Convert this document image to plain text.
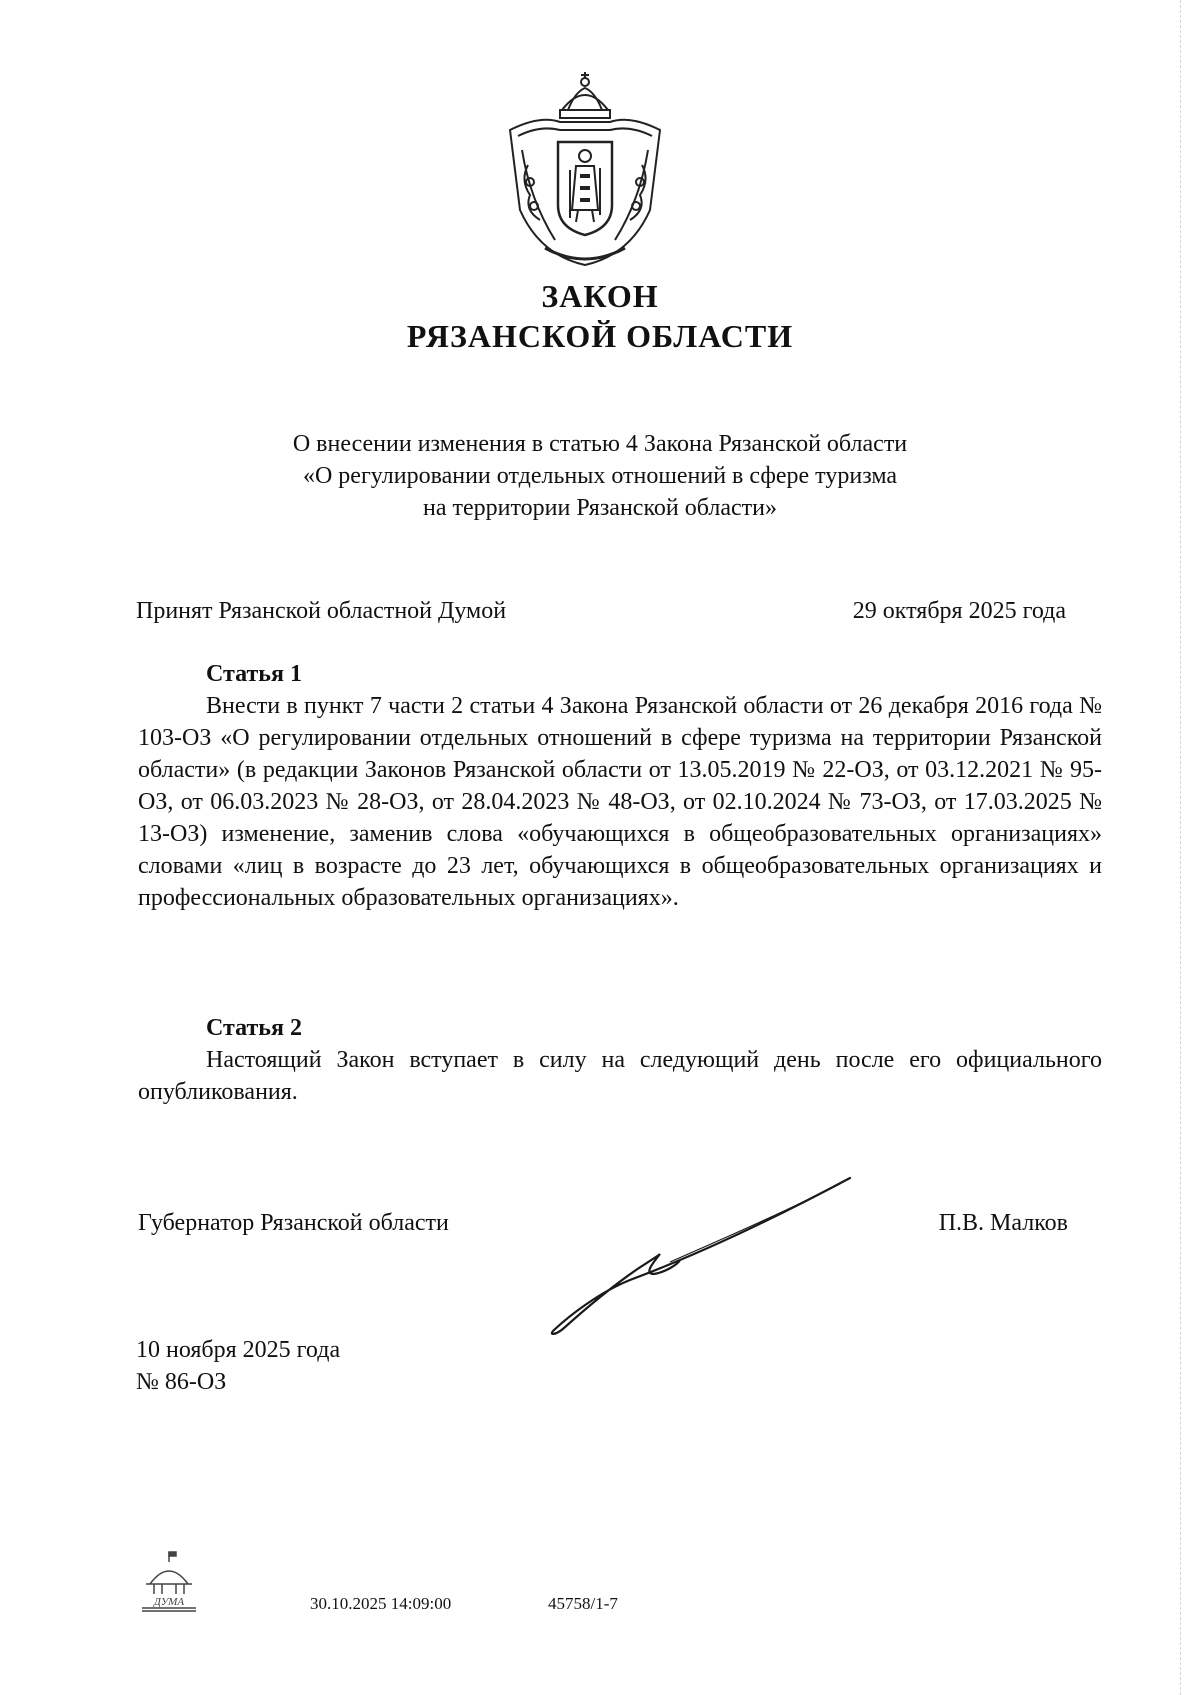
ЗАКОН
РЯЗАНСКОЙ ОБЛАСТИ
О внесении изменения в статью 4 Закона Рязанской области
«О регулировании отдельных отношений в сфере туризма
на территории Рязанской области»
Принят Рязанской областной Думой	29 октября 2025 года
Статья 1
Внести в пункт 7 части 2 статьи 4 Закона Рязанской области от 26 декабря 2016 года № 103-ОЗ «О регулировании отдельных отношений в сфере туризма на территории Рязанской области» (в редакции Законов Рязанской области от 13.05.2019 № 22-ОЗ, от 03.12.2021 № 95-ОЗ, от 06.03.2023 № 28-ОЗ, от 28.04.2023 № 48-ОЗ, от 02.10.2024 № 73-ОЗ, от 17.03.2025 № 13-ОЗ) изменение, заменив слова «обучающихся в общеобразовательных организациях» словами «лиц в возрасте до 23 лет, обучающихся в общеобразовательных организациях и профессиональных образовательных организациях».
Статья 2
Настоящий Закон вступает в силу на следующий день после его официального опубликования.
Губернатор Рязанской области	П.В. Малков
10 ноября 2025 года
№ 86-ОЗ
ДУМА	30.10.2025 14:09:00	45758/1-7
